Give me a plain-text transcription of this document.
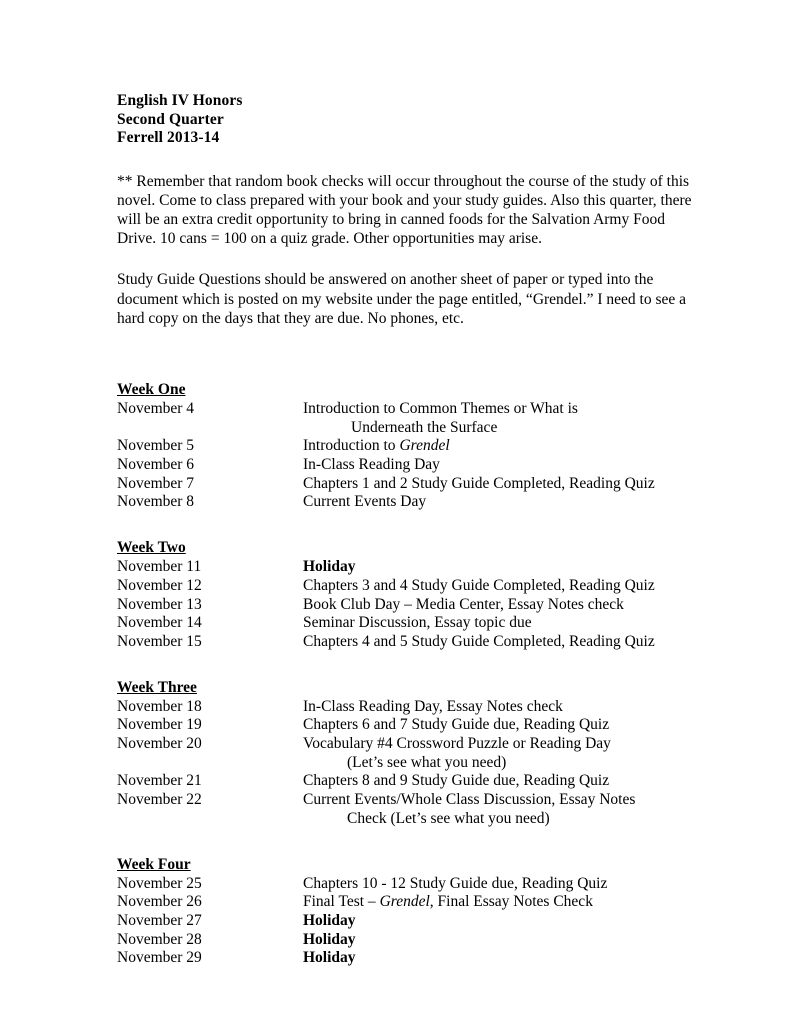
English IV Honors
Second Quarter
Ferrell 2013-14
** Remember that random book checks will occur throughout the course of the study of this novel. Come to class prepared with your book and your study guides. Also this quarter, there will be an extra credit opportunity to bring in canned foods for the Salvation Army Food Drive. 10 cans = 100 on a quiz grade. Other opportunities may arise.
Study Guide Questions should be answered on another sheet of paper or typed into the document which is posted on my website under the page entitled, “Grendel.” I need to see a hard copy on the days that they are due. No phones, etc.
Week One
November 4	Introduction to Common Themes or What is
Underneath the Surface

November 5	Introduction to Grendel
November 6	In-Class Reading Day
November 7	Chapters 1 and 2 Study Guide Completed, Reading Quiz
November 8	Current Events Day
Week Two
November 11	Holiday
November 12	Chapters 3 and 4 Study Guide Completed, Reading Quiz
November 13	Book Club Day – Media Center, Essay Notes check
November 14	Seminar Discussion, Essay topic due
November 15	Chapters 4 and 5 Study Guide Completed, Reading Quiz
Week Three
November 18	In-Class Reading Day, Essay Notes check
November 19	Chapters 6 and 7 Study Guide due, Reading Quiz
November 20	Vocabulary #4 Crossword Puzzle or Reading Day
(Let’s see what you need)

November 21	Chapters 8 and 9 Study Guide due, Reading Quiz
November 22	Current Events/Whole Class Discussion, Essay Notes
Check (Let’s see what you need)
Week Four
November 25	Chapters 10 - 12 Study Guide due, Reading Quiz
November 26	Final Test – Grendel, Final Essay Notes Check
November 27	Holiday
November 28	Holiday
November 29	Holiday
